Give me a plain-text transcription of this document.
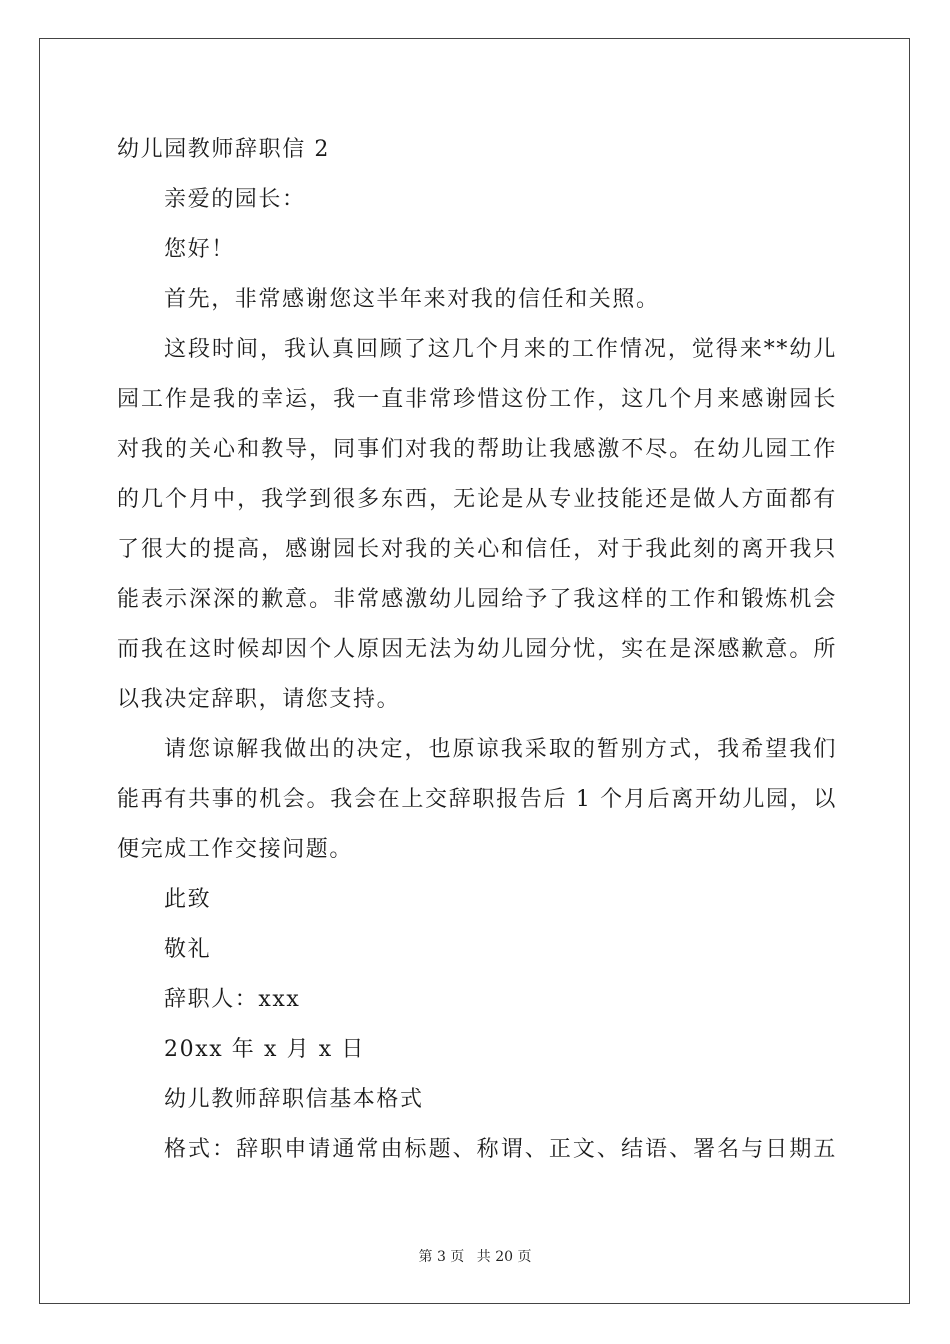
幼儿园教师辞职信 2
亲爱的园长：
您好！
首先，非常感谢您这半年来对我的信任和关照。
这段时间，我认真回顾了这几个月来的工作情况，觉得来**幼儿
园工作是我的幸运，我一直非常珍惜这份工作，这几个月来感谢园长
对我的关心和教导，同事们对我的帮助让我感激不尽。在幼儿园工作
的几个月中，我学到很多东西，无论是从专业技能还是做人方面都有
了很大的提高，感谢园长对我的关心和信任，对于我此刻的离开我只
能表示深深的歉意。非常感激幼儿园给予了我这样的工作和锻炼机会
而我在这时候却因个人原因无法为幼儿园分忧，实在是深感歉意。所
以我决定辞职，请您支持。
请您谅解我做出的决定，也原谅我采取的暂别方式，我希望我们
能再有共事的机会。我会在上交辞职报告后 1 个月后离开幼儿园，以
便完成工作交接问题。
此致
敬礼
辞职人：xxx
20xx 年 x 月 x 日
幼儿教师辞职信基本格式
格式：辞职申请通常由标题、称谓、正文、结语、署名与日期五
第 3 页 共 20 页
